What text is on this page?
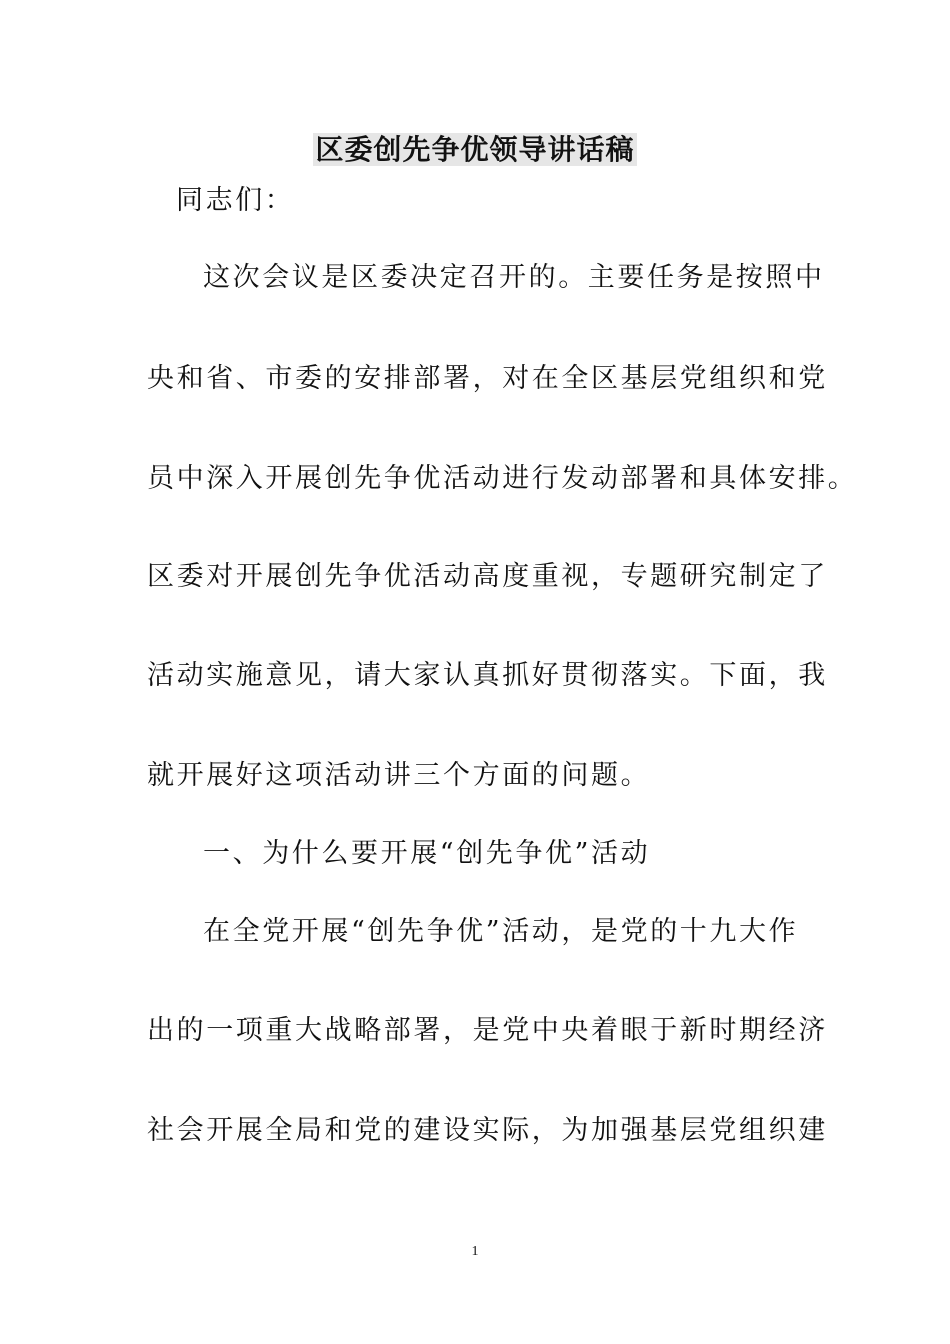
区委创先争优领导讲话稿
同志们：
这次会议是区委决定召开的。主要任务是按照中
央和省、市委的安排部署，对在全区基层党组织和党
员中深入开展创先争优活动进行发动部署和具体安排。
区委对开展创先争优活动高度重视，专题研究制定了
活动实施意见，请大家认真抓好贯彻落实。下面，我
就开展好这项活动讲三个方面的问题。
一、为什么要开展“创先争优”活动
在全党开展“创先争优”活动，是党的十九大作
出的一项重大战略部署，是党中央着眼于新时期经济
社会开展全局和党的建设实际，为加强基层党组织建
1
